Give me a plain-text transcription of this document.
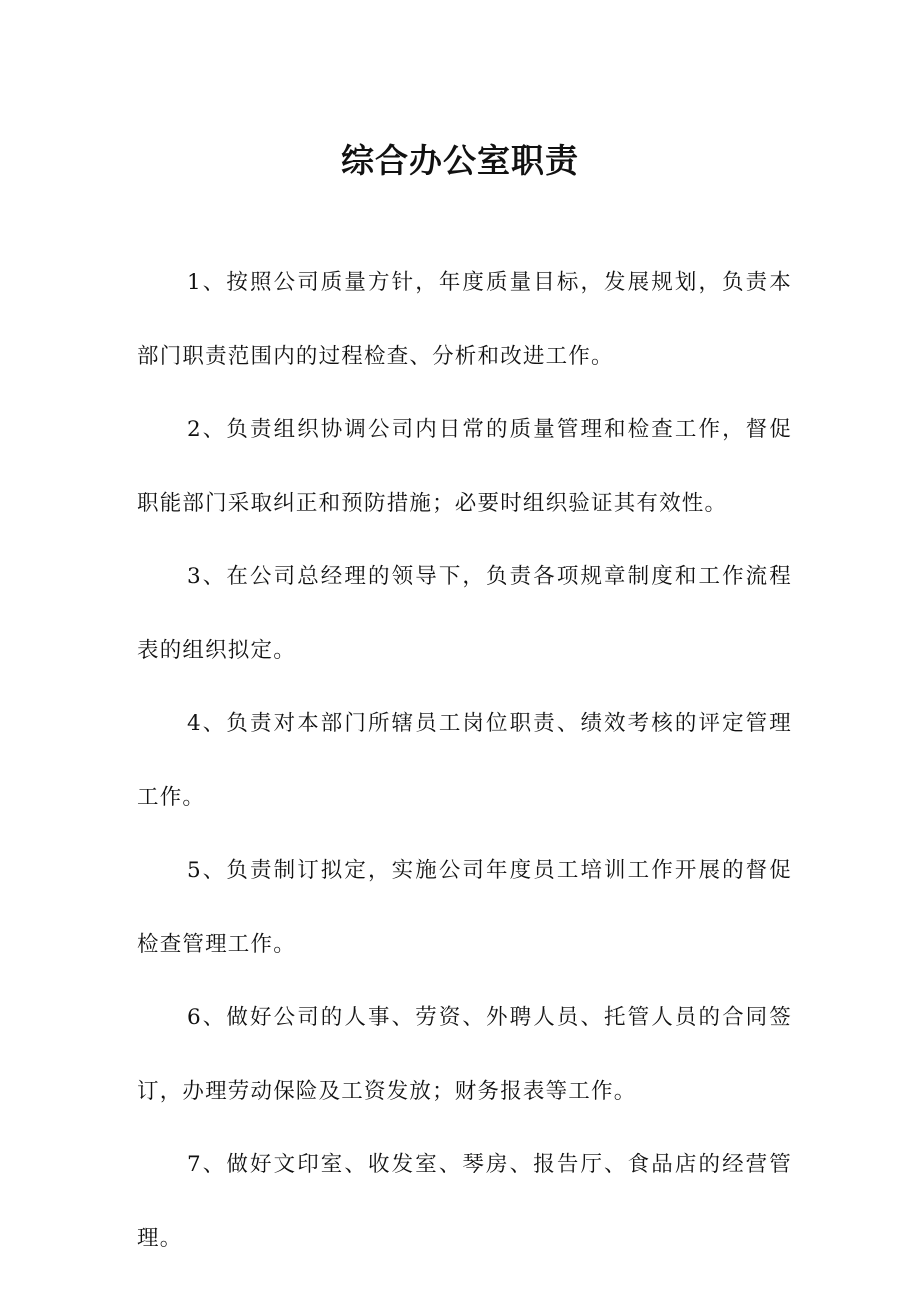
综合办公室职责

1、按照公司质量方针，年度质量目标，发展规划，负责本部门职责范围内的过程检查、分析和改进工作。

2、负责组织协调公司内日常的质量管理和检查工作，督促职能部门采取纠正和预防措施；必要时组织验证其有效性。

3、在公司总经理的领导下，负责各项规章制度和工作流程表的组织拟定。

4、负责对本部门所辖员工岗位职责、绩效考核的评定管理工作。

5、负责制订拟定，实施公司年度员工培训工作开展的督促检查管理工作。

6、做好公司的人事、劳资、外聘人员、托管人员的合同签订，办理劳动保险及工资发放；财务报表等工作。

7、做好文印室、收发室、琴房、报告厅、食品店的经营管理。
